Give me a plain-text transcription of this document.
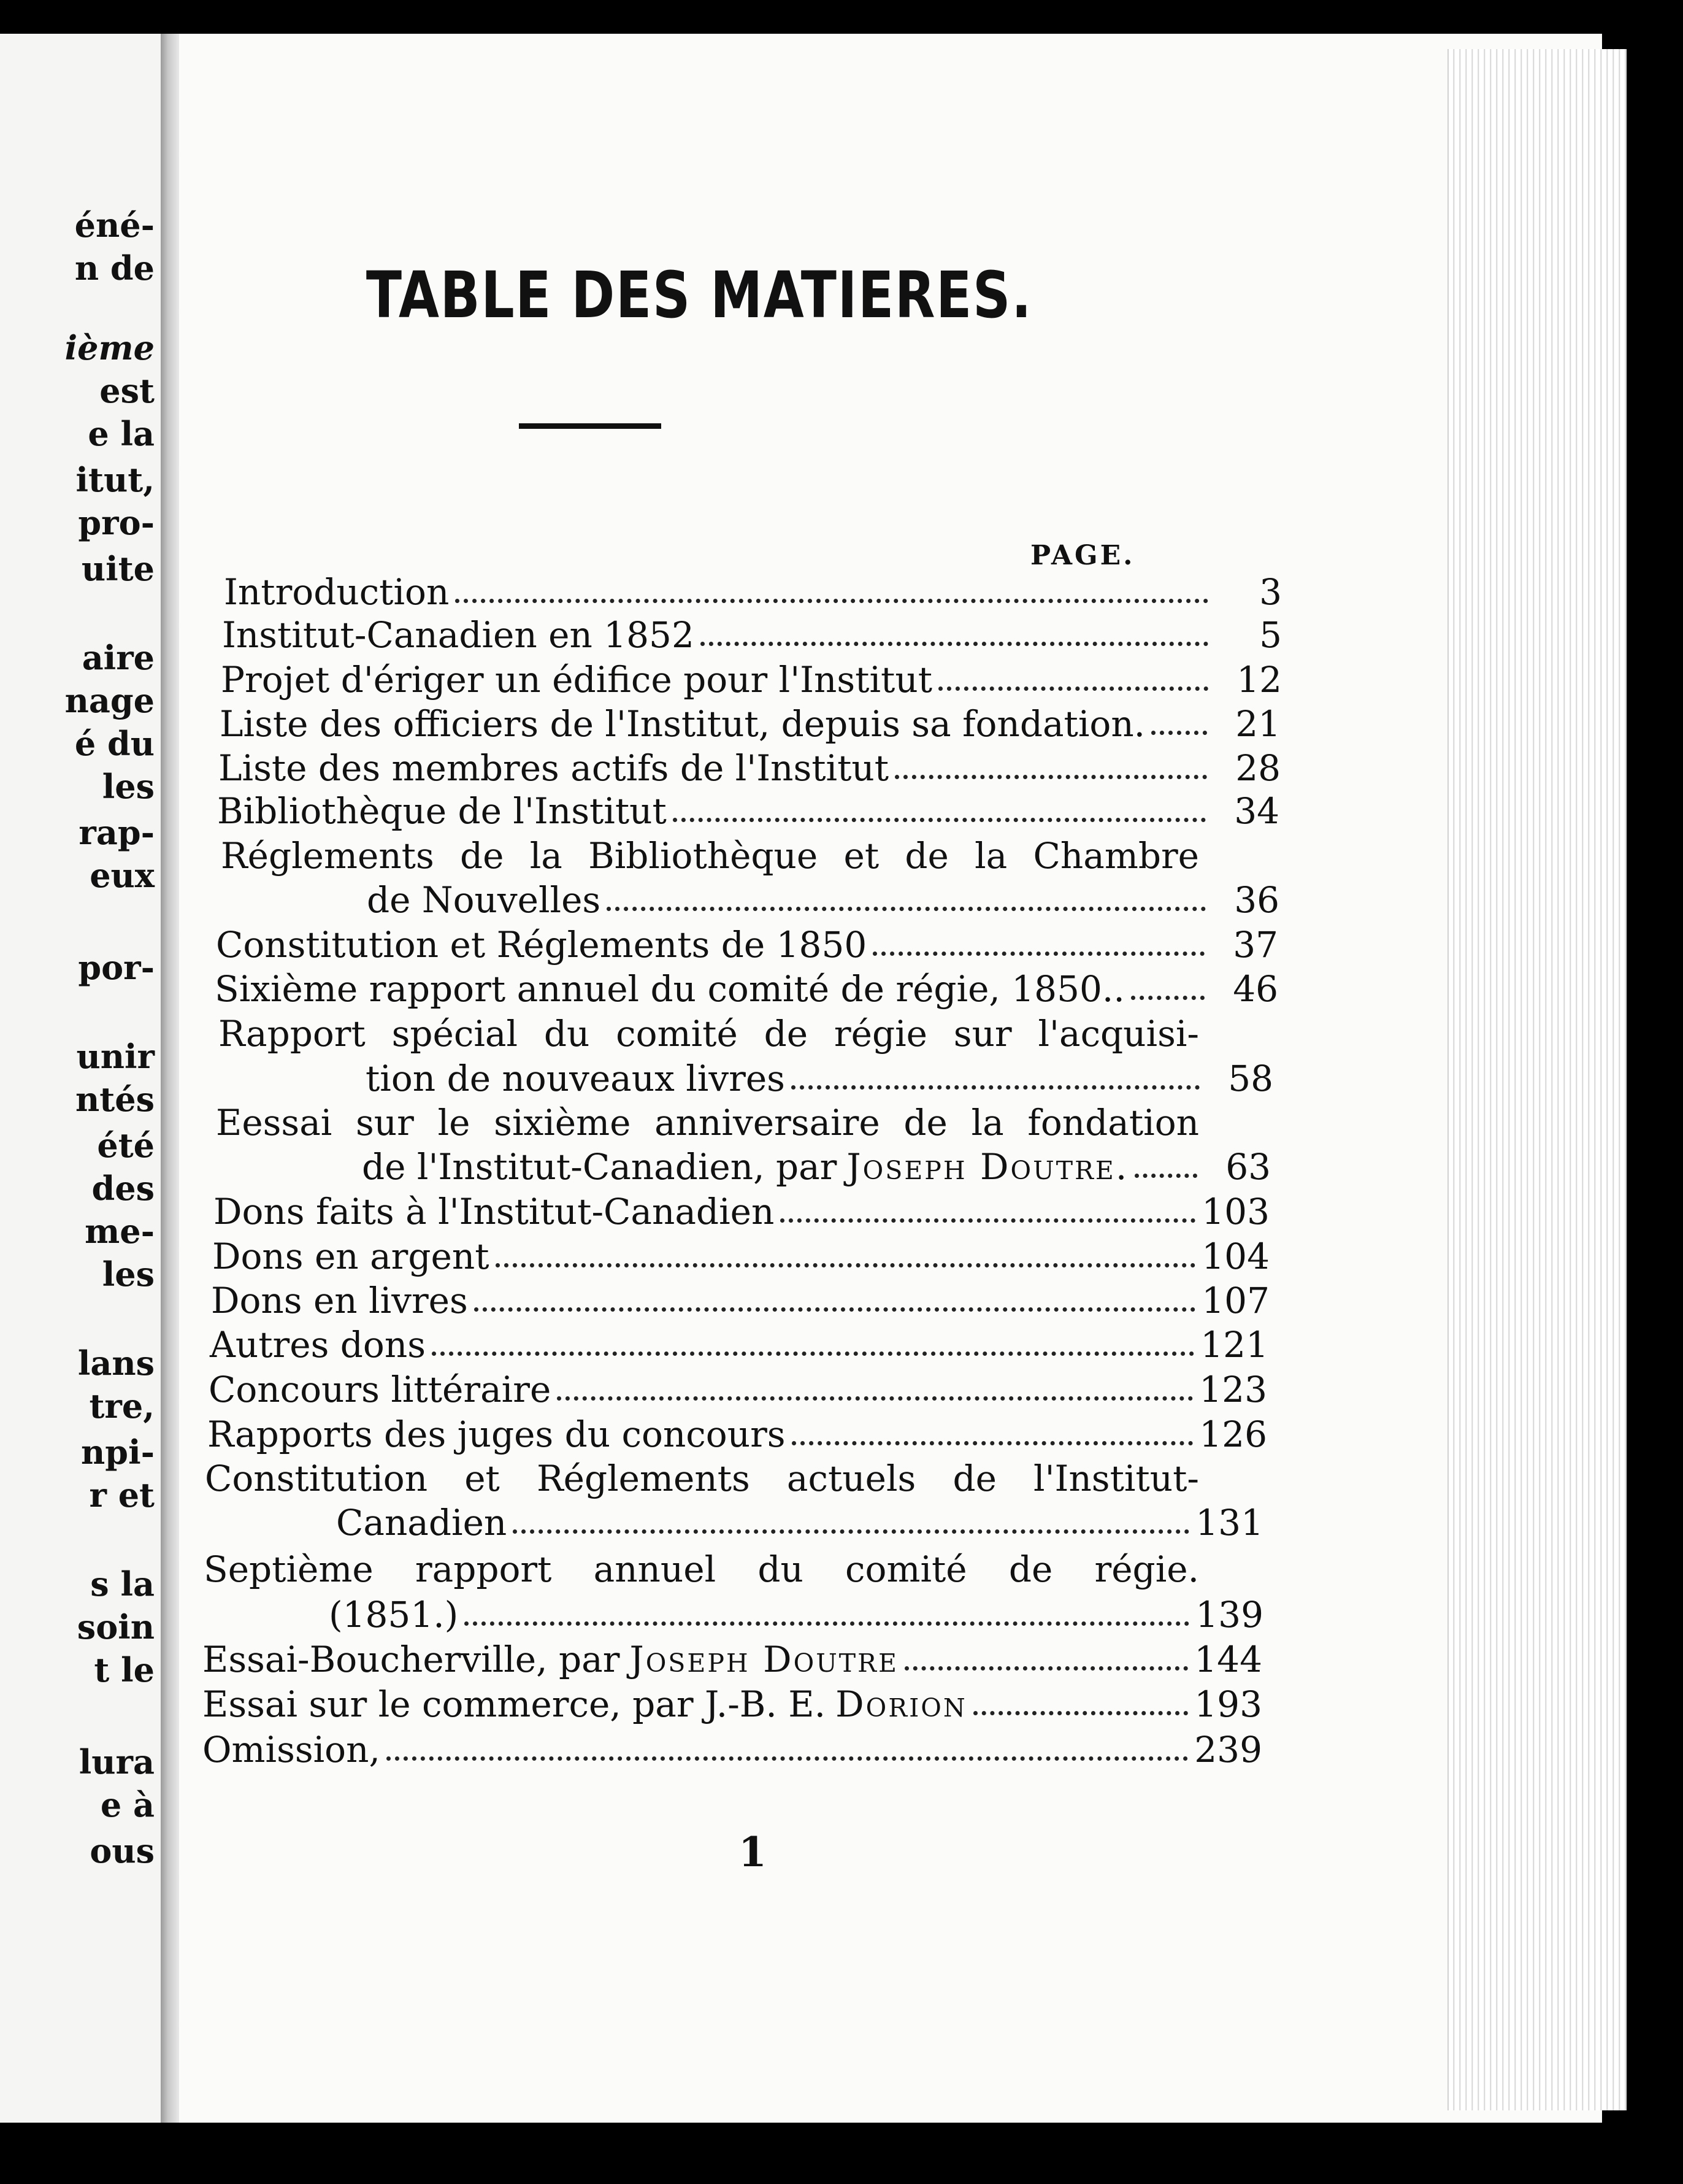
éné-
n de
ième
est
e la
itut,
pro-
uite
aire
nage
é du
les
rap-
eux
por-
unir
ntés
été
des
me-
les
lans
tre,
npi-
r et
s la
soin
t le
lura
e à
ous
TABLE DES MATIERES.
PAGE.
Introduction	3
Institut-Canadien en 1852	5
Projet d'ériger un édifice pour l'Institut	12
Liste des officiers de l'Institut, depuis sa fondation.	21
Liste des membres actifs de l'Institut	28
Bibliothèque de l'Institut	34
Réglements de la Bibliothèque et de la Chambre
de Nouvelles	36
Constitution et Réglements de 1850	37
Sixième rapport annuel du comité de régie, 1850..	46
Rapport spécial du comité de régie sur l'acquisi-
tion de nouveaux livres	58
Eessai sur le sixième anniversaire de la fondation
de l'Institut-Canadien, par Joseph Doutre.	63
Dons faits à l'Institut-Canadien	103
Dons en argent	104
Dons en livres	107
Autres dons	121
Concours littéraire	123
Rapports des juges du concours	126
Constitution et Réglements actuels de l'Institut-
Canadien	131
Septième rapport annuel du comité de régie.
(1851.)	139
Essai-Boucherville, par Joseph Doutre	144
Essai sur le commerce, par J.-B. E. Dorion	193
Omission,	239
1
